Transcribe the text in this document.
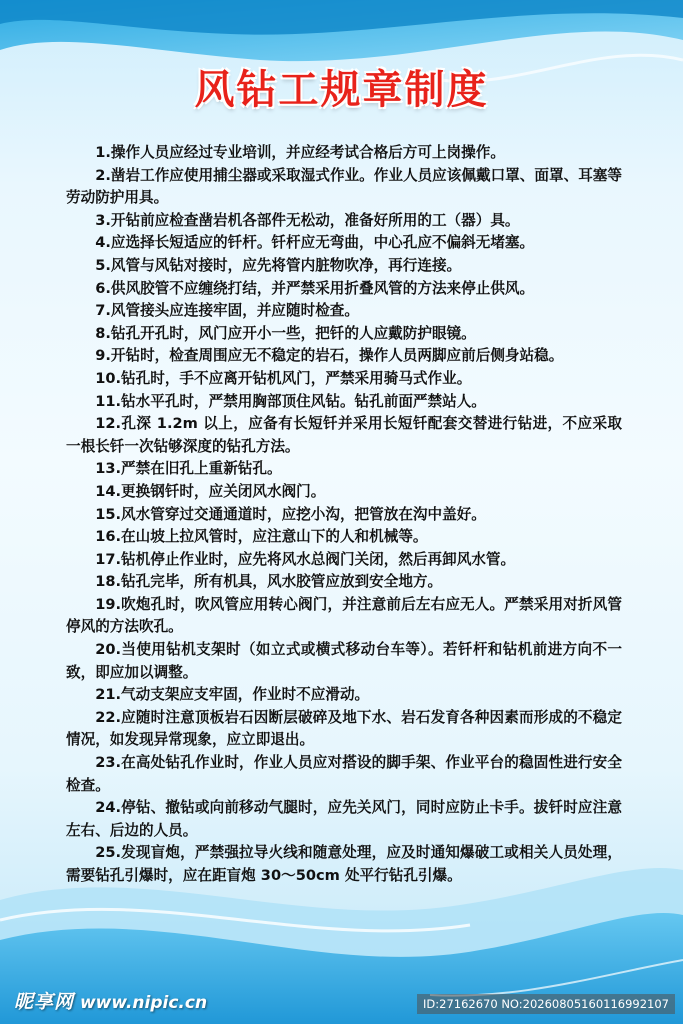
风钻工规章制度

1.操作人员应经过专业培训，并应经考试合格后方可上岗操作。

2.凿岩工作应使用捕尘器或采取湿式作业。作业人员应该佩戴口罩、面罩、耳塞等劳动防护用具。

3.开钻前应检查凿岩机各部件无松动，准备好所用的工（器）具。

4.应选择长短适应的钎杆。钎杆应无弯曲，中心孔应不偏斜无堵塞。

5.风管与风钻对接时，应先将管内脏物吹净，再行连接。

6.供风胶管不应缠绕打结，并严禁采用折叠风管的方法来停止供风。

7.风管接头应连接牢固，并应随时检查。

8.钻孔开孔时，风门应开小一些，把钎的人应戴防护眼镜。

9.开钻时，检查周围应无不稳定的岩石，操作人员两脚应前后侧身站稳。

10.钻孔时，手不应离开钻机风门，严禁采用骑马式作业。

11.钻水平孔时，严禁用胸部顶住风钻。钻孔前面严禁站人。

12.孔深 1.2m 以上，应备有长短钎并采用长短钎配套交替进行钻进，不应采取一根长钎一次钻够深度的钻孔方法。

13.严禁在旧孔上重新钻孔。

14.更换钢钎时，应关闭风水阀门。

15.风水管穿过交通通道时，应挖小沟，把管放在沟中盖好。

16.在山坡上拉风管时，应注意山下的人和机械等。

17.钻机停止作业时，应先将风水总阀门关闭，然后再卸风水管。

18.钻孔完毕，所有机具，风水胶管应放到安全地方。

19.吹炮孔时，吹风管应用转心阀门，并注意前后左右应无人。严禁采用对折风管停风的方法吹孔。

20.当使用钻机支架时（如立式或横式移动台车等）。若钎杆和钻机前进方向不一致，即应加以调整。

21.气动支架应支牢固，作业时不应滑动。

22.应随时注意顶板岩石因断层破碎及地下水、岩石发育各种因素而形成的不稳定情况，如发现异常现象，应立即退出。

23.在高处钻孔作业时，作业人员应对搭设的脚手架、作业平台的稳固性进行安全检查。

24.停钻、撤钻或向前移动气腿时，应先关风门，同时应防止卡手。拔钎时应注意左右、后边的人员。

25.发现盲炮，严禁强拉导火线和随意处理，应及时通知爆破工或相关人员处理，需要钻孔引爆时，应在距盲炮 30～50cm 处平行钻孔引爆。

昵享网 www.nipic.cn	ID:27162670 NO:20260805160116992107
